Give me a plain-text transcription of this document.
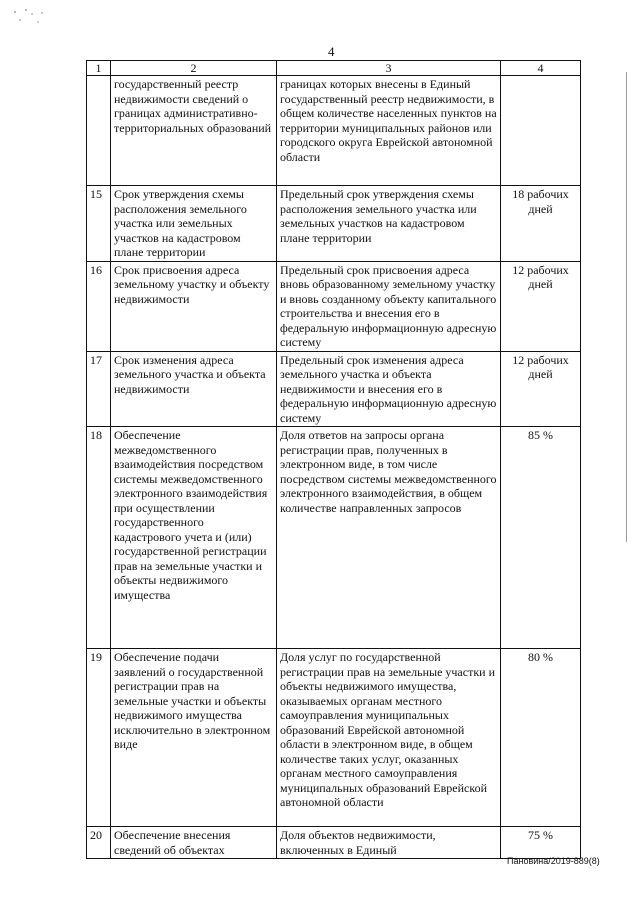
4
1	2	3	4
	государственный реестр недвижимости сведений о границах административно-территориальных образований	границах которых внесены в Единый государственный реестр недвижимости, в общем количестве населенных пунктов на территории муниципальных районов или городского округа Еврейской автономной области	
15	Срок утверждения схемы расположения земельного участка или земельных участков на кадастровом плане территории	Предельный срок утверждения схемы расположения земельного участка или земельных участков на кадастровом плане территории	18 рабочих дней
16	Срок присвоения адреса земельному участку и объекту недвижимости	Предельный срок присвоения адреса вновь образованному земельному участку и вновь созданному объекту капитального строительства и внесения его в федеральную информационную адресную систему	12 рабочих дней
17	Срок изменения адреса земельного участка и объекта недвижимости	Предельный срок изменения адреса земельного участка и объекта недвижимости и внесения его в федеральную информационную адресную систему	12 рабочих дней
18	Обеспечение межведомственного взаимодействия посредством системы межведомственного электронного взаимодействия при осуществлении государственного кадастрового учета и (или) государственной регистрации прав на земельные участки и объекты недвижимого имущества	Доля ответов на запросы органа регистрации прав, полученных в электронном виде, в том числе посредством системы межведомственного электронного взаимодействия, в общем количестве направленных запросов	85 %
19	Обеспечение подачи заявлений о государственной регистрации прав на земельные участки и объекты недвижимого имущества исключительно в электронном виде	Доля услуг по государственной регистрации прав на земельные участки и объекты недвижимого имущества, оказываемых органам местного самоуправления муниципальных образований Еврейской автономной области в электронном виде, в общем количестве таких услуг, оказанных органам местного самоуправления муниципальных образований Еврейской автономной области	80 %
20	Обеспечение внесения сведений об объектах	Доля объектов недвижимости, включенных в Единый	75 %
Пановина/2019-889(8)
